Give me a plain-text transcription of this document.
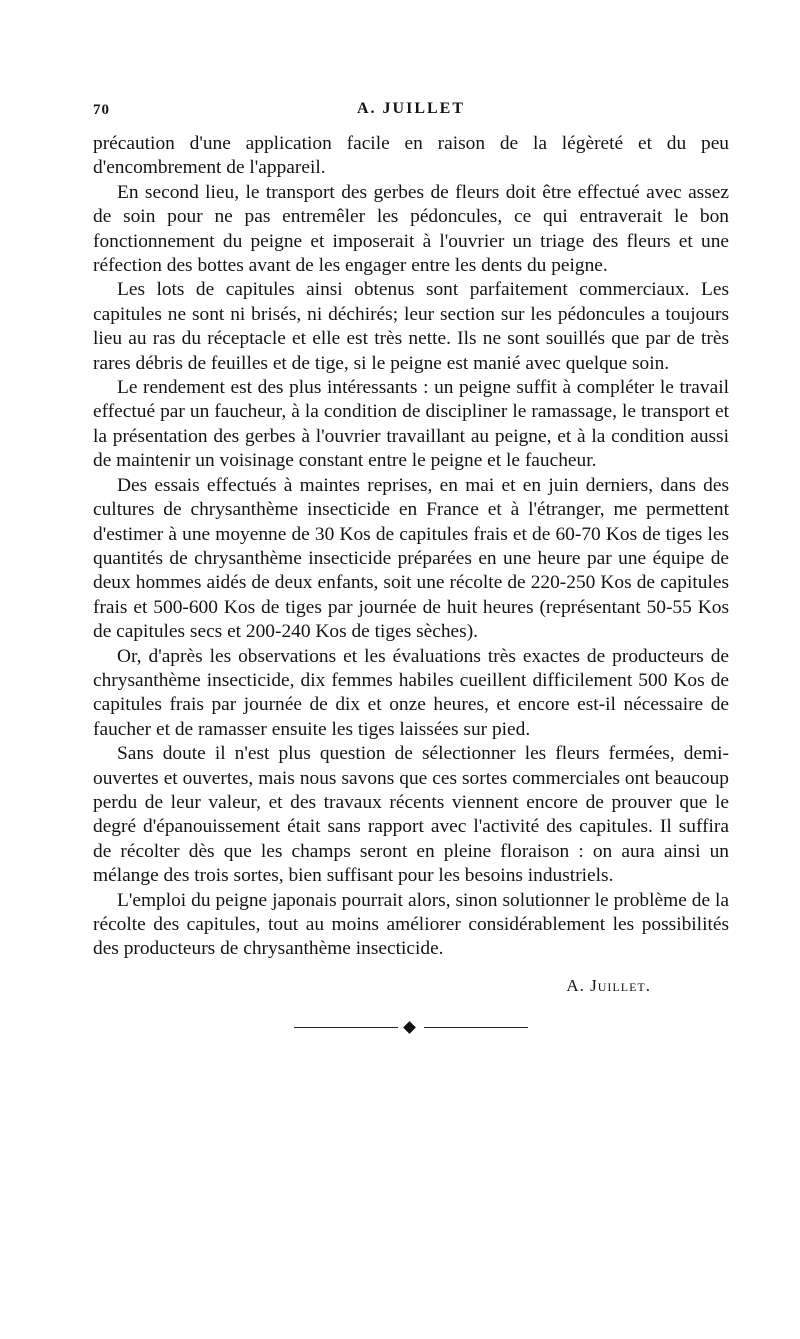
70	A. JUILLET

précaution d'une application facile en raison de la légèreté et du peu d'encombrement de l'appareil.

En second lieu, le transport des gerbes de fleurs doit être effectué avec assez de soin pour ne pas entremêler les pédoncules, ce qui entraverait le bon fonctionnement du peigne et imposerait à l'ouvrier un triage des fleurs et une réfection des bottes avant de les engager entre les dents du peigne.

Les lots de capitules ainsi obtenus sont parfaitement commerciaux. Les capitules ne sont ni brisés, ni déchirés; leur section sur les pédoncules a toujours lieu au ras du réceptacle et elle est très nette. Ils ne sont souillés que par de très rares débris de feuilles et de tige, si le peigne est manié avec quelque soin.

Le rendement est des plus intéressants : un peigne suffit à compléter le travail effectué par un faucheur, à la condition de discipliner le ramassage, le transport et la présentation des gerbes à l'ouvrier travaillant au peigne, et à la condition aussi de maintenir un voisinage constant entre le peigne et le faucheur.

Des essais effectués à maintes reprises, en mai et en juin derniers, dans des cultures de chrysanthème insecticide en France et à l'étranger, me permettent d'estimer à une moyenne de 30 Kos de capitules frais et de 60-70 Kos de tiges les quantités de chrysanthème insecticide préparées en une heure par une équipe de deux hommes aidés de deux enfants, soit une récolte de 220-250 Kos de capitules frais et 500-600 Kos de tiges par journée de huit heures (représentant 50-55 Kos de capitules secs et 200-240 Kos de tiges sèches).

Or, d'après les observations et les évaluations très exactes de producteurs de chrysanthème insecticide, dix femmes habiles cueillent difficilement 500 Kos de capitules frais par journée de dix et onze heures, et encore est-il nécessaire de faucher et de ramasser ensuite les tiges laissées sur pied.

Sans doute il n'est plus question de sélectionner les fleurs fermées, demi-ouvertes et ouvertes, mais nous savons que ces sortes commerciales ont beaucoup perdu de leur valeur, et des travaux récents viennent encore de prouver que le degré d'épanouissement était sans rapport avec l'activité des capitules. Il suffira de récolter dès que les champs seront en pleine floraison : on aura ainsi un mélange des trois sortes, bien suffisant pour les besoins industriels.

L'emploi du peigne japonais pourrait alors, sinon solutionner le problème de la récolte des capitules, tout au moins améliorer considérablement les possibilités des producteurs de chrysanthème insecticide.

A. Juillet.
